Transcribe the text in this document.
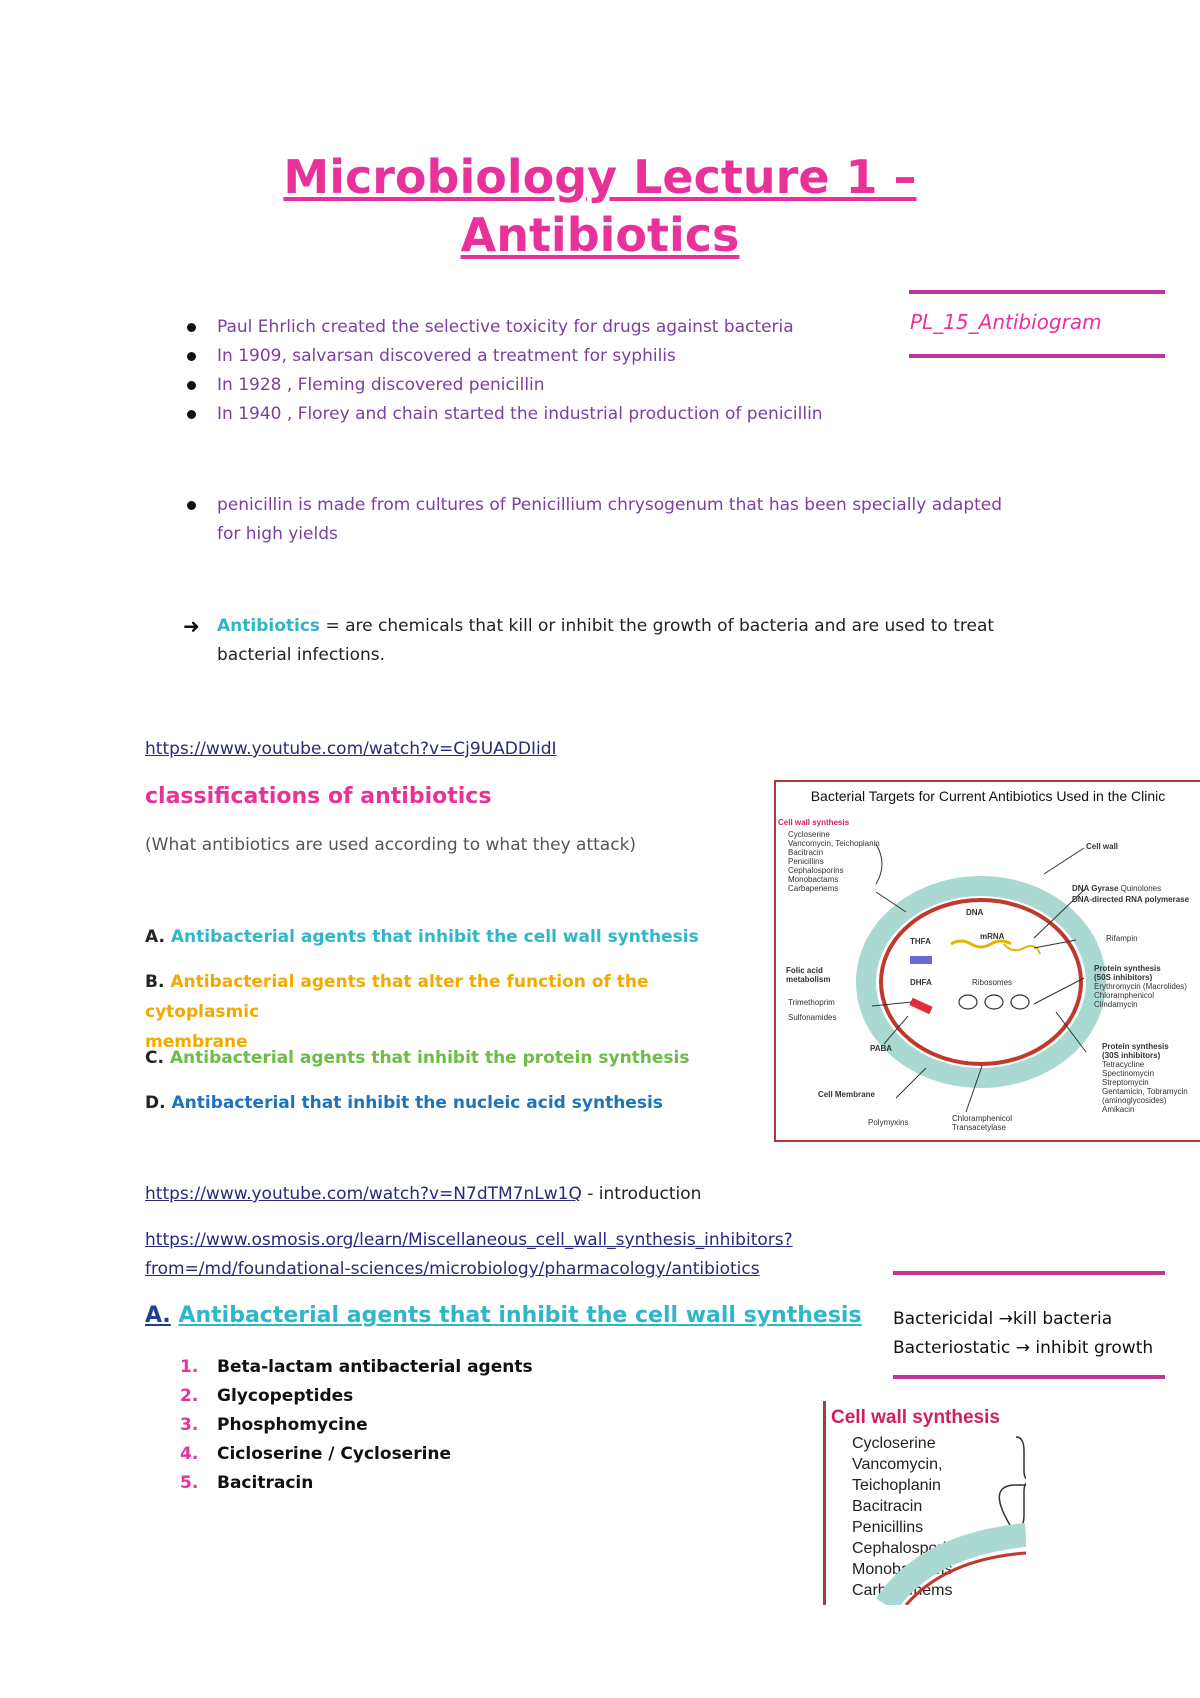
Microbiology Lecture 1 –
Antibiotics
PL_15_Antibiogram
Paul Ehrlich created the selective toxicity for drugs against bacteria
In 1909, salvarsan discovered a treatment for syphilis
In 1928 , Fleming discovered penicillin
In 1940 , Florey and chain started the industrial production of penicillin
penicillin is made from cultures of Penicillium chrysogenum that has been specially adapted
for high yields
➜ Antibiotics = are chemicals that kill or inhibit the growth of bacteria and are used to treat
bacterial infections.
https://www.youtube.com/watch?v=Cj9UADDIidI
classifications of antibiotics
(What antibiotics are used according to what they attack)
A. Antibacterial agents that inhibit the cell wall synthesis
B. Antibacterial agents that alter the function of the cytoplasmic
membrane
C. Antibacterial agents that inhibit the protein synthesis
D. Antibacterial that inhibit the nucleic acid synthesis
https://www.youtube.com/watch?v=N7dTM7nLw1Q - introduction
https://www.osmosis.org/learn/Miscellaneous_cell_wall_synthesis_inhibitors?
from=/md/foundational-sciences/microbiology/pharmacology/antibiotics
A. Antibacterial agents that inhibit the cell wall synthesis
1. Beta-lactam antibacterial agents
2. Glycopeptides
3. Phosphomycine
4. Cicloserine / Cycloserine
5. Bacitracin
Bactericidal →kill bacteria
Bacteriostatic → inhibit growth
Bacterial Targets for Current Antibiotics Used in the Clinic
Cell wall synthesis
Cycloserine
Vancomycin, Teichoplanin
Bacitracin
Penicillins
Cephalosporins
Monobactams
Carbapenems
Cell wall
DNA Gyrase Quinolones
DNA-directed RNA polymerase
DNA
mRNA	Rifampin
THFA
DHFA
Folic acid
metabolism
Trimethoprim
Sulfonamides
Ribosomes
PABA
Protein synthesis
(50S inhibitors)
Erythromycin (Macrolides)
Chloramphenicol
Clindamycin
Protein synthesis
(30S inhibitors)
Tetracycline
Spectinomycin
Streptomycin
Gentamicin, Tobramycin
(aminoglycosides)
Amikacin
Cell Membrane
Polymyxins	Chloramphenicol
Transacetylase
Cell wall synthesis
Cycloserine
Vancomycin, Teichoplanin
Bacitracin
Penicillins
Cephalosporins
Monobactams
Carbapenems
